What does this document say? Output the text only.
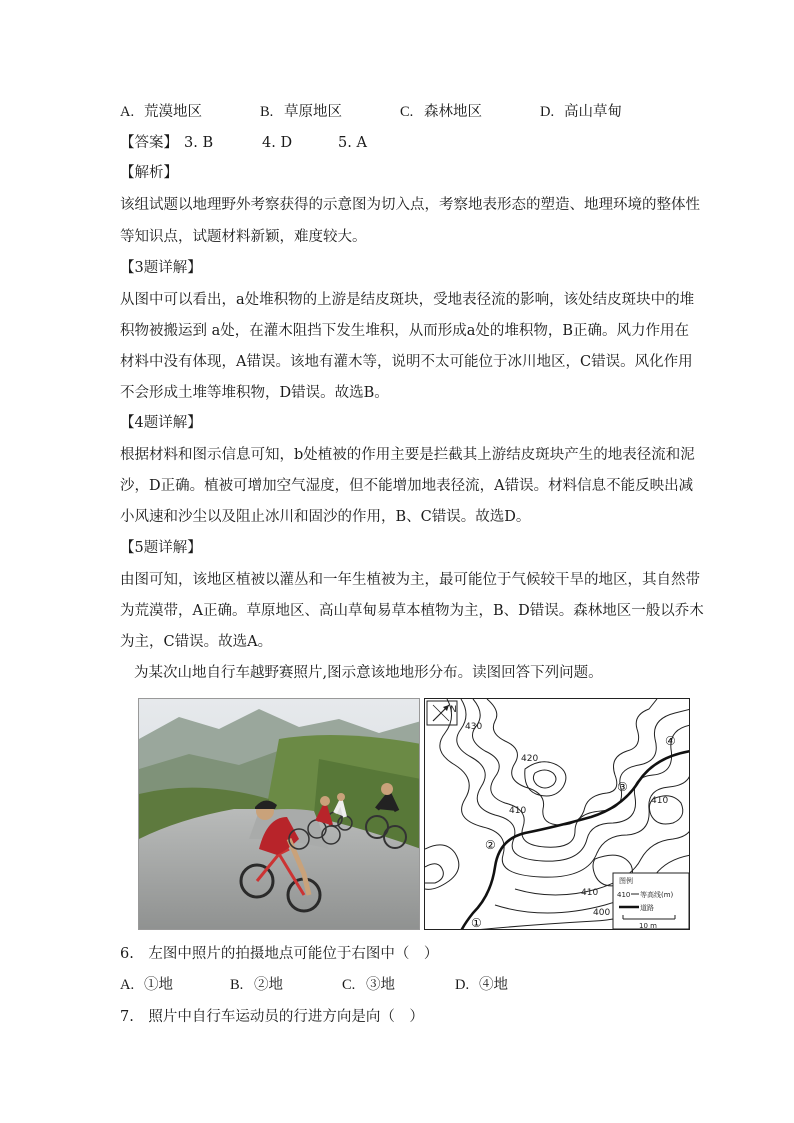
A. 荒漠地区	B. 草原地区	C. 森林地区	D. 高山草甸
【答案】 3. B	4. D	5. A
【解析】
该组试题以地理野外考察获得的示意图为切入点，考察地表形态的塑造、地理环境的整体性
等知识点，试题材料新颖，难度较大。
【3题详解】
从图中可以看出，a处堆积物的上游是结皮斑块，受地表径流的影响，该处结皮斑块中的堆
积物被搬运到 a处，在灌木阻挡下发生堆积，从而形成a处的堆积物，B正确。风力作用在
材料中没有体现，A错误。该地有灌木等，说明不太可能位于冰川地区，C错误。风化作用
不会形成土堆等堆积物，D错误。故选B。
【4题详解】
根据材料和图示信息可知，b处植被的作用主要是拦截其上游结皮斑块产生的地表径流和泥
沙，D正确。植被可增加空气湿度，但不能增加地表径流，A错误。材料信息不能反映出减
小风速和沙尘以及阻止冰川和固沙的作用，B、C错误。故选D。
【5题详解】
由图可知，该地区植被以灌丛和一年生植被为主，最可能位于气候较干旱的地区，其自然带
为荒漠带，A正确。草原地区、高山草甸易草本植物为主，B、D错误。森林地区一般以乔木
为主，C错误。故选A。
为某次山地自行车越野赛照片,图示意该地地形分布。读图回答下列问题。
N
430
420
410
410
410
400
①
②
③
④
图例
410 等高线(m)
道路
10 m
6.　左图中照片的拍摄地点可能位于右图中（　）
A. ①地	B. ②地	C. ③地	D. ④地
7.　照片中自行车运动员的行进方向是向（　）
